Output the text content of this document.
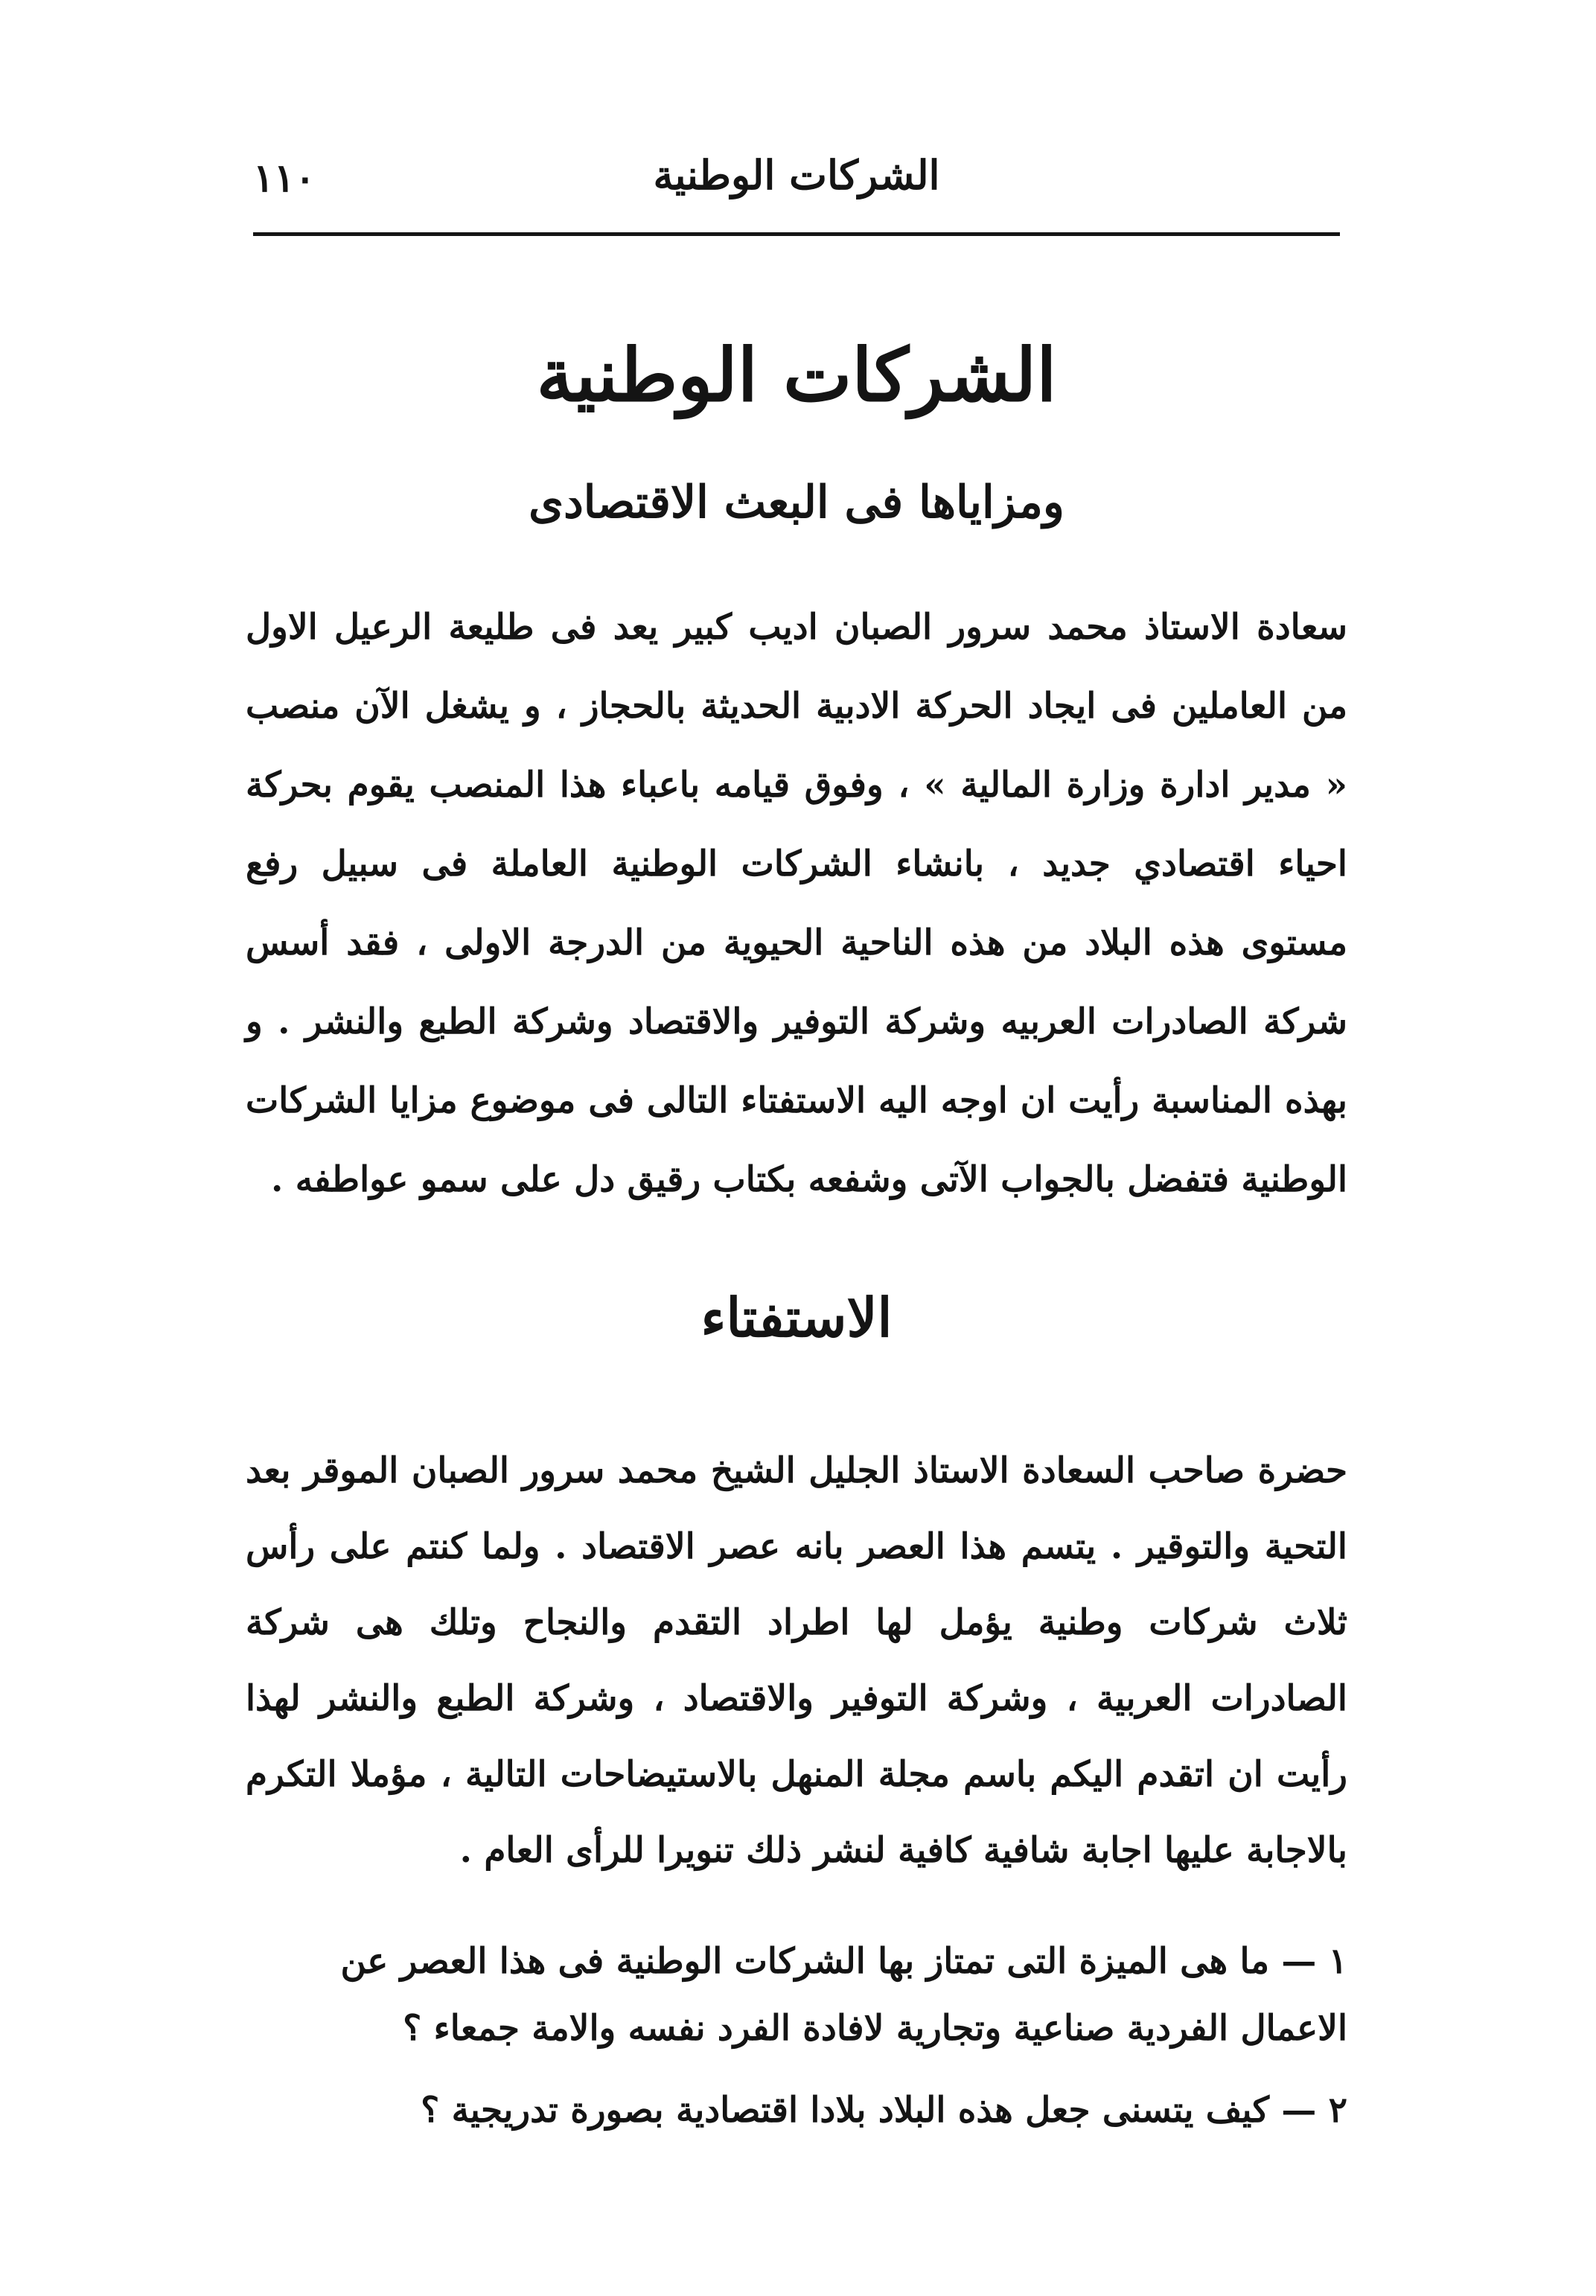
الشركات الوطنية
١١٠
الشركات الوطنية
ومزاياها فى البعث الاقتصادى

سعادة الاستاذ محمد سرور الصبان اديب كبير يعد فى طليعة الرعيل الاول من العاملين فى ايجاد الحركة الادبية الحديثة بالحجاز ، و يشغل الآن منصب « مدير ادارة وزارة المالية » ، وفوق قيامه باعباء هذا المنصب يقوم بحركة احياء اقتصادي جديد ، بانشاء الشركات الوطنية العاملة فى سبيل رفع مستوى هذه البلاد من هذه الناحية الحيوية من الدرجة الاولى ، فقد أسس شركة الصادرات العربيه وشركة التوفير والاقتصاد وشركة الطبع والنشر . و بهذه المناسبة رأيت ان اوجه اليه الاستفتاء التالى فى موضوع مزايا الشركات الوطنية فتفضل بالجواب الآتى وشفعه بكتاب رقيق دل على سمو عواطفه .

الاستفتاء

حضرة صاحب السعادة الاستاذ الجليل الشيخ محمد سرور الصبان الموقر بعد التحية والتوقير . يتسم هذا العصر بانه عصر الاقتصاد . ولما كنتم على رأس ثلاث شركات وطنية يؤمل لها اطراد التقدم والنجاح وتلك هى شركة الصادرات العربية ، وشركة التوفير والاقتصاد ، وشركة الطبع والنشر لهذا رأيت ان اتقدم اليكم باسم مجلة المنهل بالاستيضاحات التالية ، مؤملا التكرم بالاجابة عليها اجابة شافية كافية لنشر ذلك تنويرا للرأى العام .

١ — ما هى الميزة التى تمتاز بها الشركات الوطنية فى هذا العصر عن الاعمال الفردية صناعية وتجارية لافادة الفرد نفسه والامة جمعاء ؟
٢ — كيف يتسنى جعل هذه البلاد بلادا اقتصادية بصورة تدريجية ؟
